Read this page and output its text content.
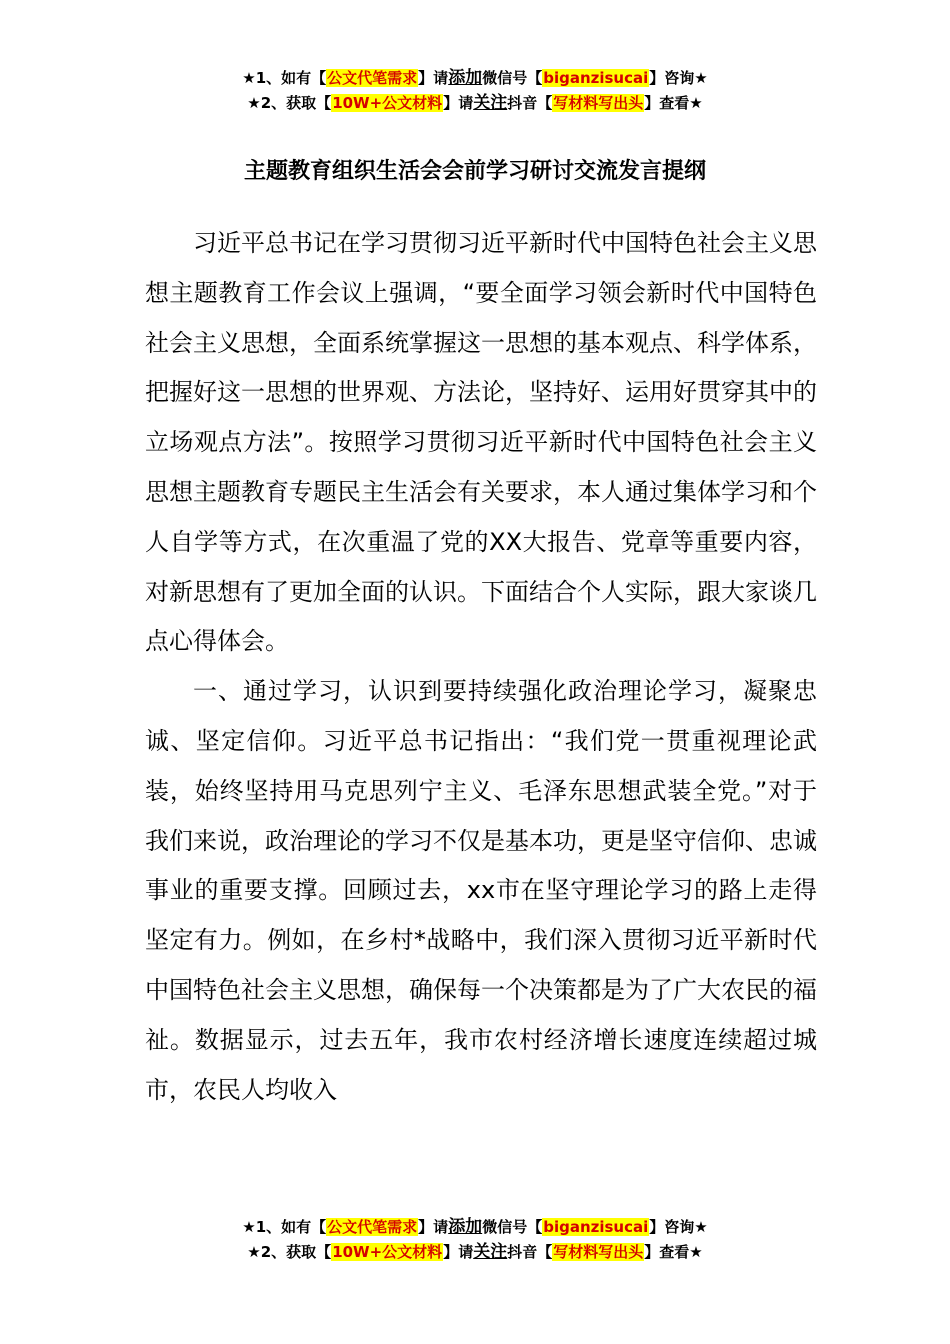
★1、如有【公文代笔需求】请添加微信号【biganzisucai】咨询★
★2、获取【10W+公文材料】请关注抖音【写材料写出头】查看★
主题教育组织生活会会前学习研讨交流发言提纲

习近平总书记在学习贯彻习近平新时代中国特色社会主义思想主题教育工作会议上强调，“要全面学习领会新时代中国特色社会主义思想，全面系统掌握这一思想的基本观点、科学体系，把握好这一思想的世界观、方法论，坚持好、运用好贯穿其中的立场观点方法”。按照学习贯彻习近平新时代中国特色社会主义思想主题教育专题民主生活会有关要求，本人通过集体学习和个人自学等方式，在次重温了党的XX大报告、党章等重要内容，对新思想有了更加全面的认识。下面结合个人实际，跟大家谈几点心得体会。

一、通过学习，认识到要持续强化政治理论学习，凝聚忠诚、坚定信仰。习近平总书记指出：“我们党一贯重视理论武装，始终坚持用马克思列宁主义、毛泽东思想武装全党。”对于我们来说，政治理论的学习不仅是基本功，更是坚守信仰、忠诚事业的重要支撑。回顾过去，xx市在坚守理论学习的路上走得坚定有力。例如，在乡村*战略中，我们深入贯彻习近平新时代中国特色社会主义思想，确保每一个决策都是为了广大农民的福祉。数据显示，过去五年，我市农村经济增长速度连续超过城市，农民人均收入

★1、如有【公文代笔需求】请添加微信号【biganzisucai】咨询★
★2、获取【10W+公文材料】请关注抖音【写材料写出头】查看★
